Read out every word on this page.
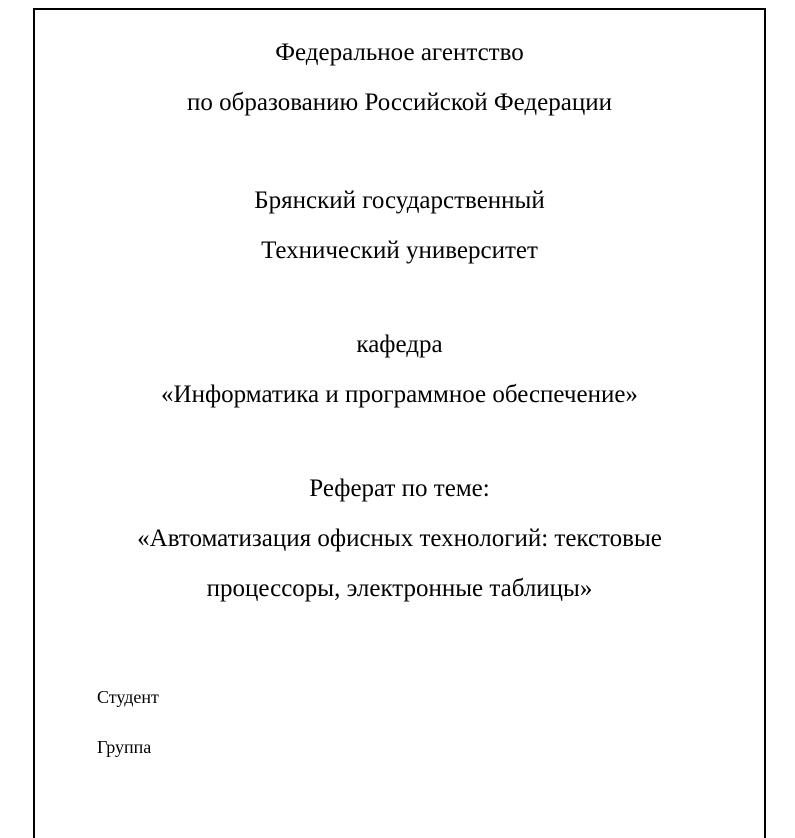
Федеральное агентство
по образованию Российской Федерации
Брянский государственный
Технический университет
кафедра
«Информатика и программное обеспечение»
Реферат по теме:
«Автоматизация офисных технологий: текстовые
процессоры, электронные таблицы»
Студент
Группа
